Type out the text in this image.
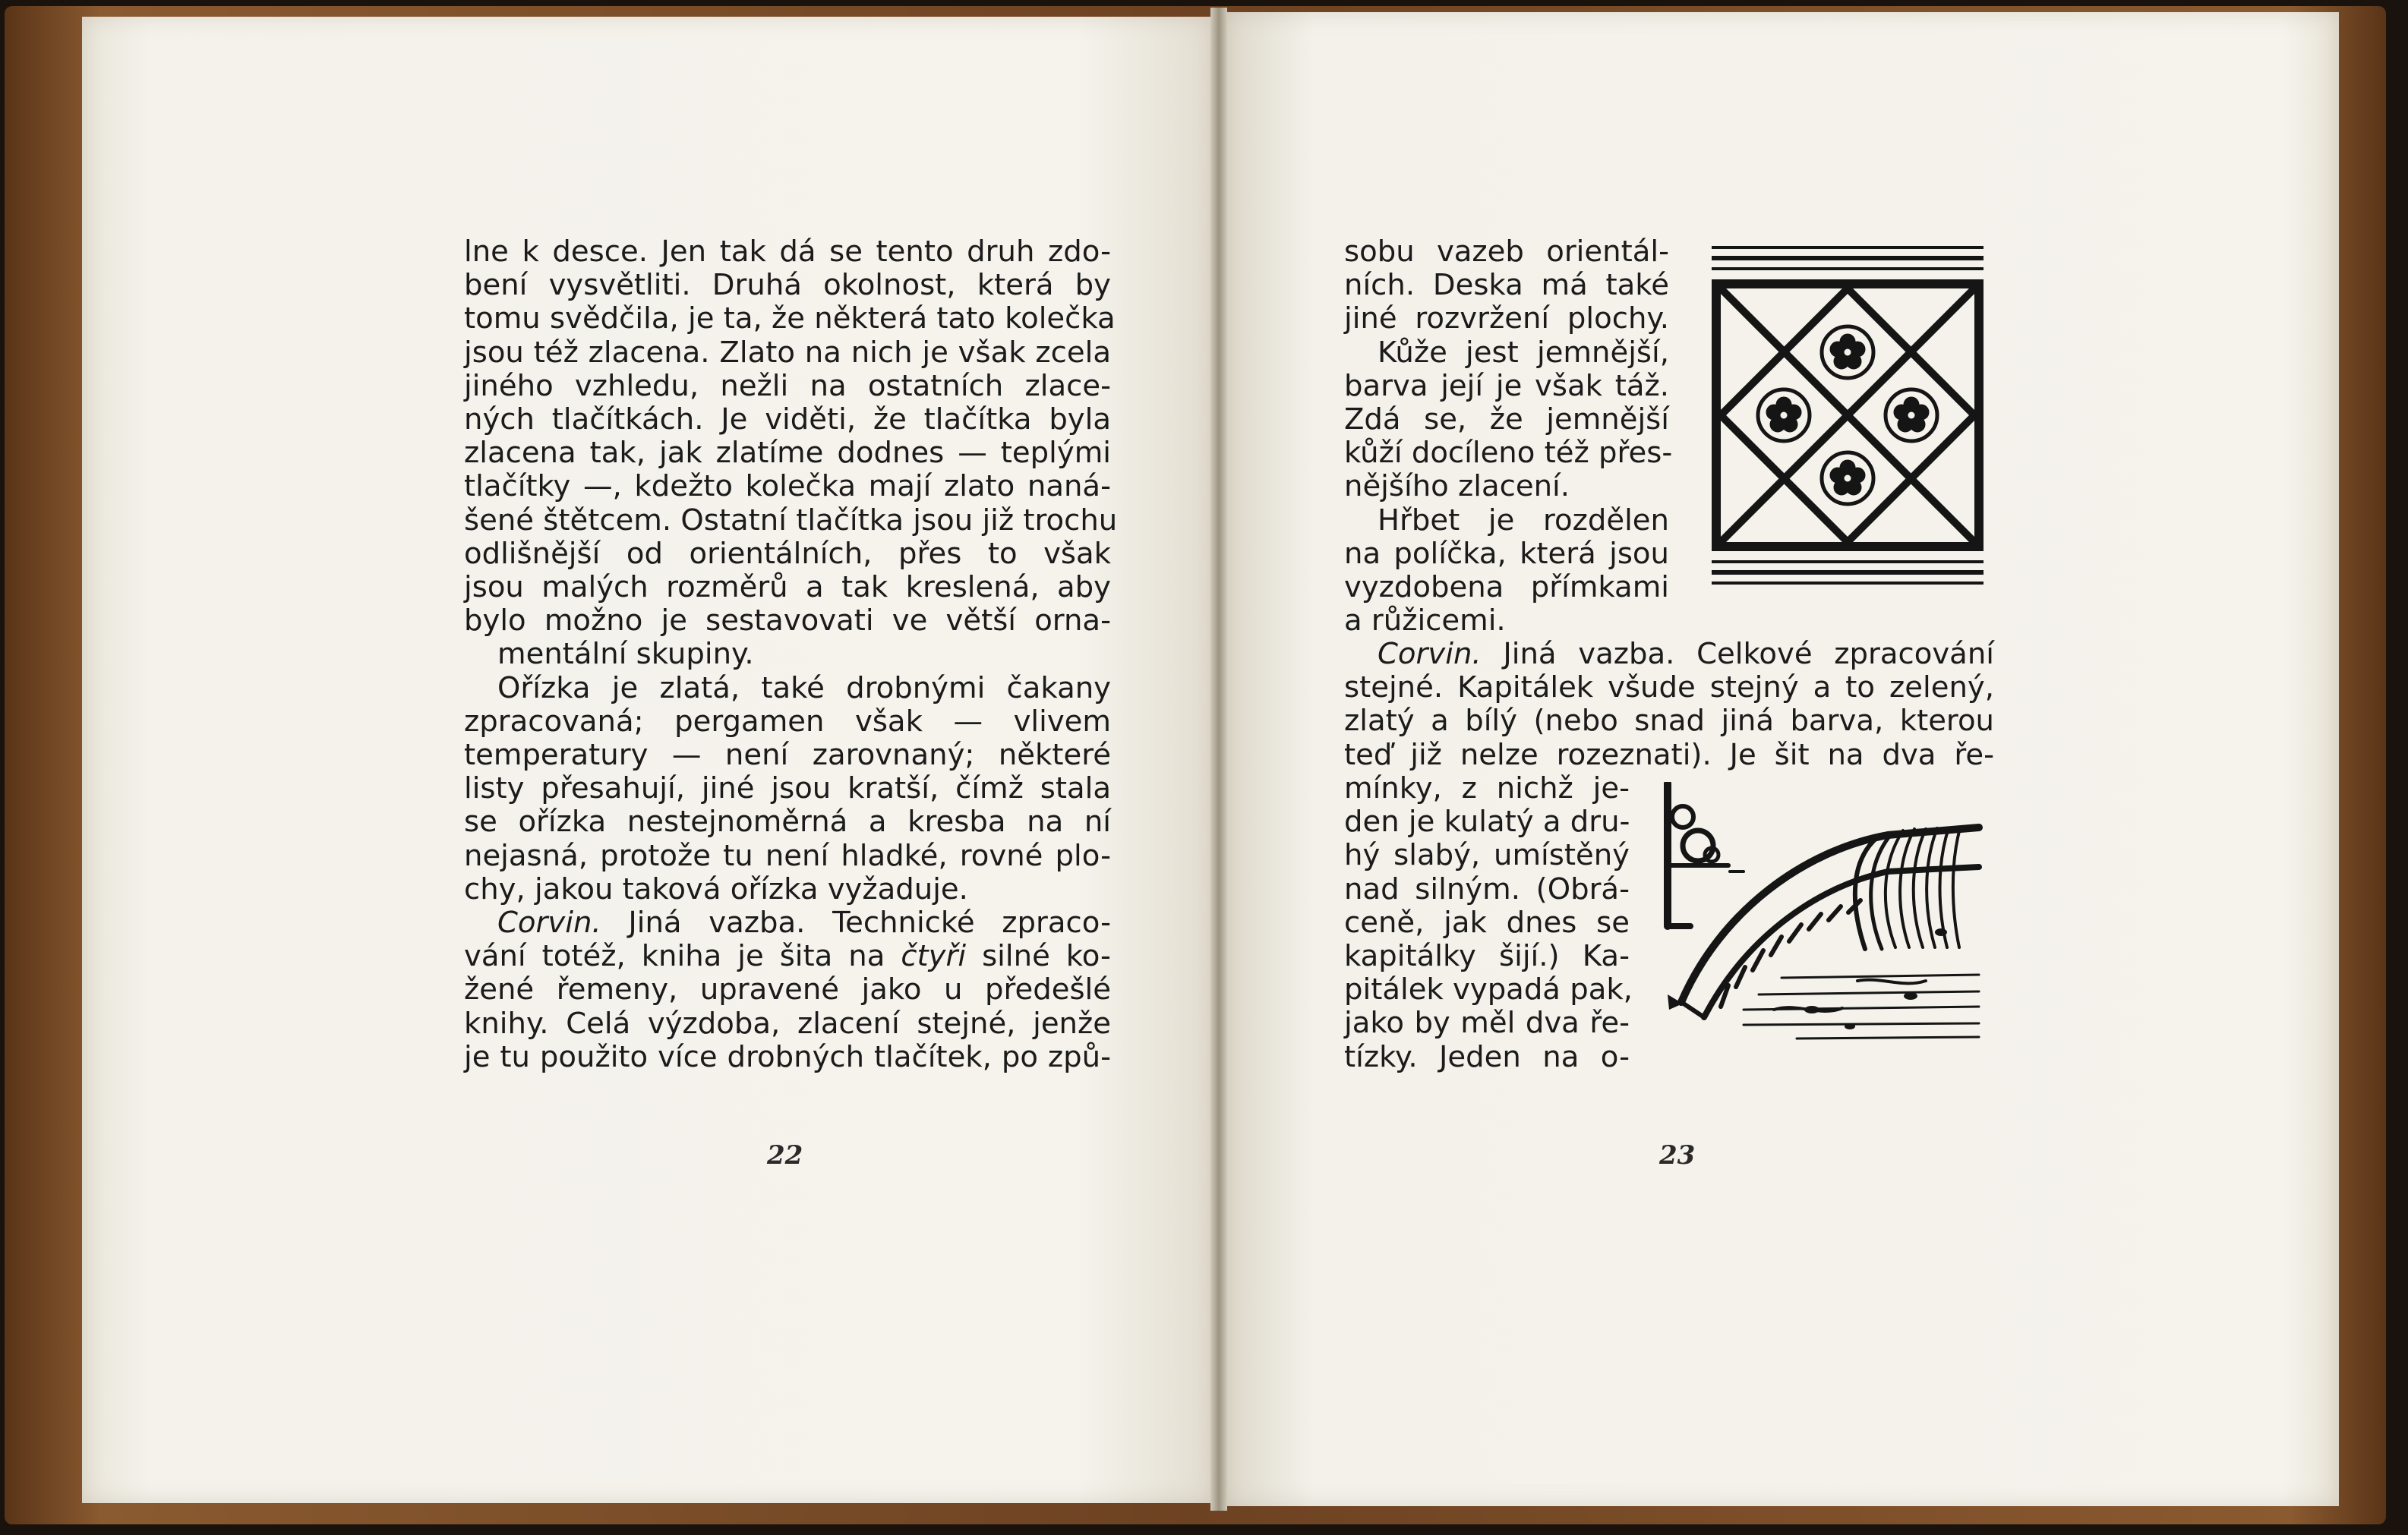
lne k desce. Jen tak dá se tento druh zdo-
bení vysvětliti. Druhá okolnost, která by
tomu svědčila, je ta, že některá tato kolečka
jsou též zlacena. Zlato na nich je však zcela
jiného vzhledu, nežli na ostatních zlace-
ných tlačítkách. Je viděti, že tlačítka byla
zlacena tak, jak zlatíme dodnes — teplými
tlačítky —, kdežto kolečka mají zlato naná-
šené štětcem. Ostatní tlačítka jsou již trochu
odlišnější od orientálních, přes to však
jsou malých rozměrů a tak kreslená, aby
bylo možno je sestavovati ve větší orna-
mentální skupiny.
Ořízka je zlatá, také drobnými čakany
zpracovaná; pergamen však — vlivem
temperatury — není zarovnaný; některé
listy přesahují, jiné jsou kratší, čímž stala
se ořízka nestejnoměrná a kresba na ní
nejasná, protože tu není hladké, rovné plo-
chy, jakou taková ořízka vyžaduje.
Corvin. Jiná vazba. Technické zpraco-
vání totéž, kniha je šita na čtyři silné ko-
žené řemeny, upravené jako u předešlé
knihy. Celá výzdoba, zlacení stejné, jenže
je tu použito více drobných tlačítek, po způ-
22
sobu vazeb orientál-
ních. Deska má také
jiné rozvržení plochy.
Kůže jest jemnější,
barva její je však táž.
Zdá se, že jemnější
kůží docíleno též přes-
nějšího zlacení.
Hřbet je rozdělen
na políčka, která jsou
vyzdobena přímkami
a růžicemi.
Corvin. Jiná vazba. Celkové zpracování
stejné. Kapitálek všude stejný a to zelený,
zlatý a bílý (nebo snad jiná barva, kterou
teď již nelze rozeznati). Je šit na dva ře-
mínky, z nichž je-
den je kulatý a dru-
hý slabý, umístěný
nad silným. (Obrá-
ceně, jak dnes se
kapitálky šijí.) Ka-
pitálek vypadá pak,
jako by měl dva ře-
tízky. Jeden na o-
23
